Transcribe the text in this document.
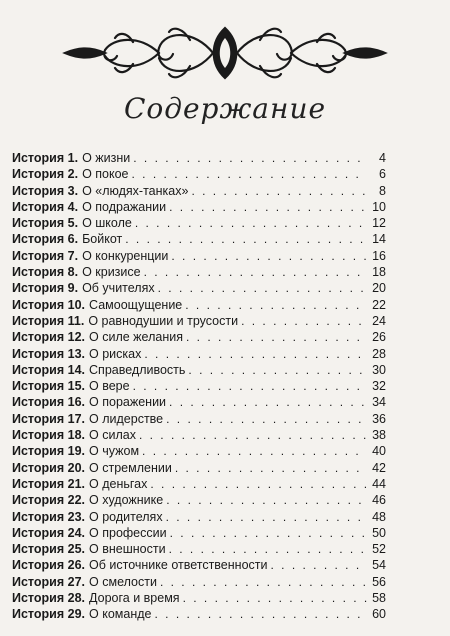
Содержание
История 1. О жизни . . .	4
История 2. О покое . . .	6
История 3. О «людях-танках» . . .	8
История 4. О подражании . . .	10
История 5. О школе . . .	12
История 6. Бойкот . . .	14
История 7. О конкуренции . . .	16
История 8. О кризисе . . .	18
История 9. Об учителях . . .	20
История 10. Самоощущение . . .	22
История 11. О равнодушии и трусости . . .	24
История 12. О силе желания . . .	26
История 13. О рисках . . .	28
История 14. Справедливость . . .	30
История 15. О вере . . .	32
История 16. О поражении . . .	34
История 17. О лидерстве . . .	36
История 18. О силах . . .	38
История 19. О чужом . . .	40
История 20. О стремлении . . .	42
История 21. О деньгах . . .	44
История 22. О художнике . . .	46
История 23. О родителях . . .	48
История 24. О профессии . . .	50
История 25. О внешности . . .	52
История 26. Об источнике ответственности . . .	54
История 27. О смелости . . .	56
История 28. Дорога и время . . .	58
История 29. О команде . . .	60
